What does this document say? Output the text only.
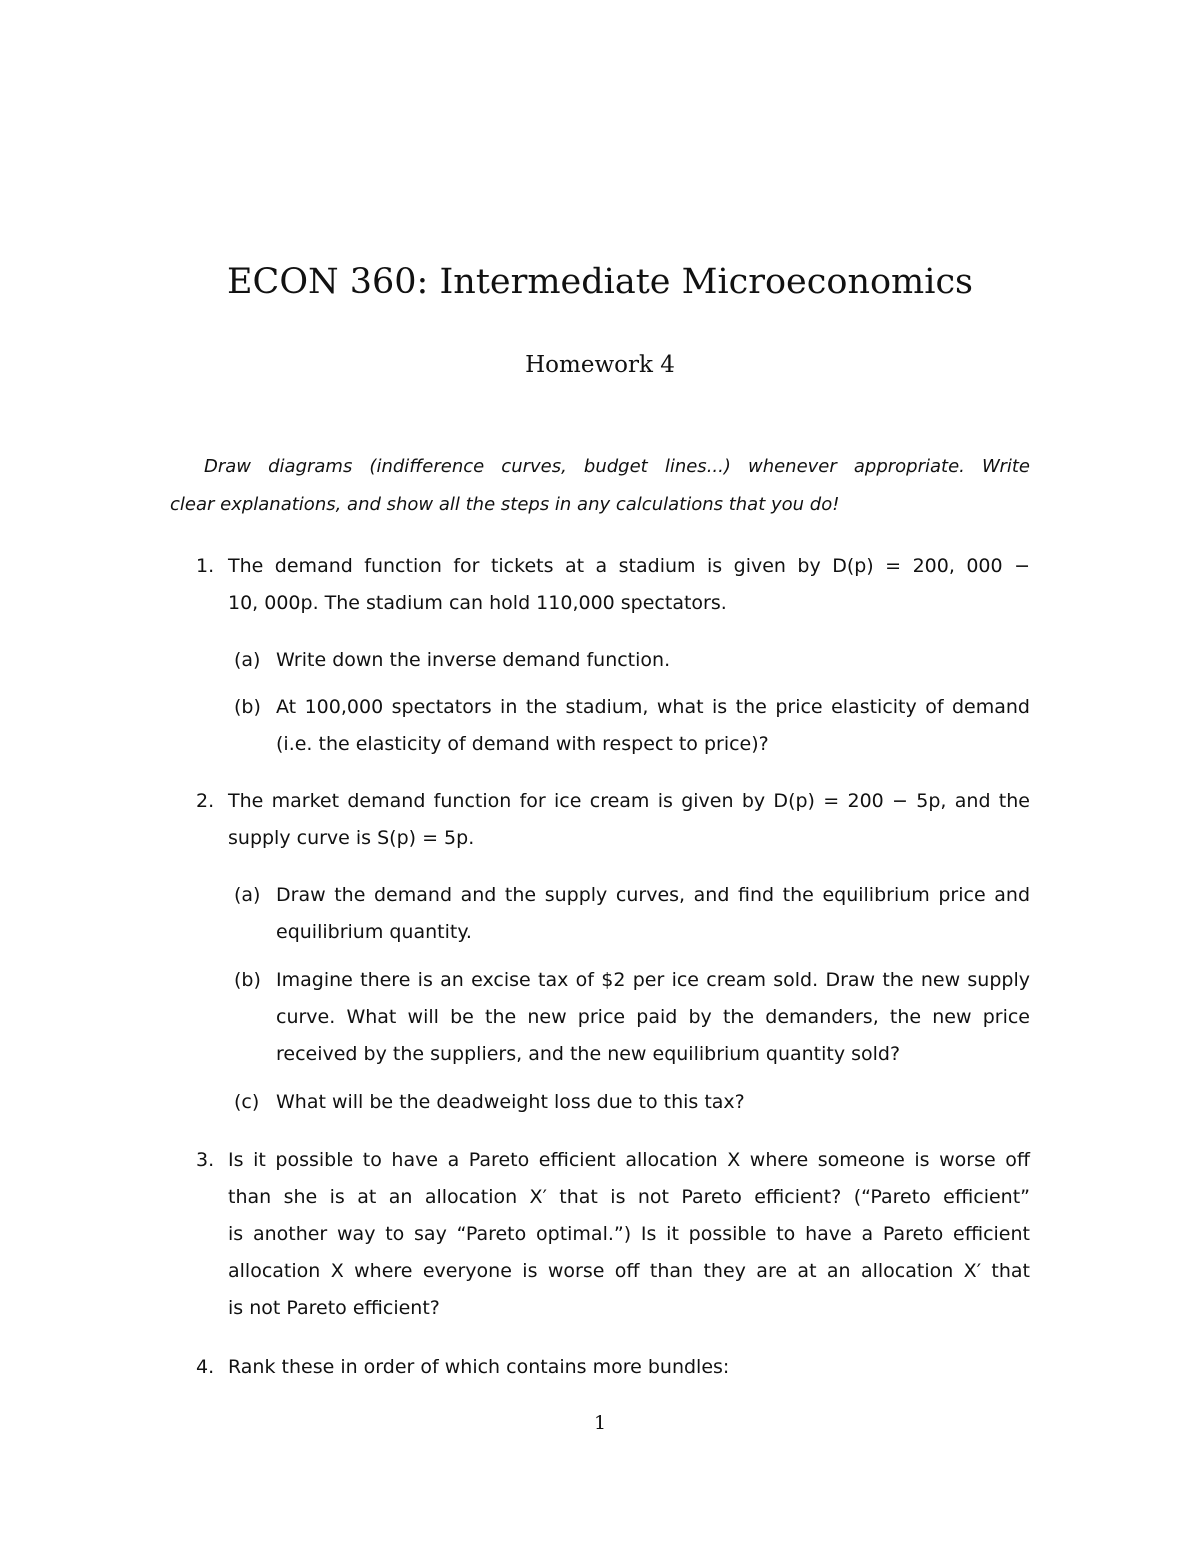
ECON 360: Intermediate Microeconomics
Homework 4
Draw diagrams (indifference curves, budget lines...) whenever appropriate. Write
clear explanations, and show all the steps in any calculations that you do!
1. The demand function for tickets at a stadium is given by D(p) = 200, 000 −
10, 000p. The stadium can hold 110,000 spectators.
(a) Write down the inverse demand function.
(b) At 100,000 spectators in the stadium, what is the price elasticity of demand
(i.e. the elasticity of demand with respect to price)?
2. The market demand function for ice cream is given by D(p) = 200 − 5p, and the
supply curve is S(p) = 5p.
(a) Draw the demand and the supply curves, and find the equilibrium price and
equilibrium quantity.
(b) Imagine there is an excise tax of $2 per ice cream sold. Draw the new supply
curve. What will be the new price paid by the demanders, the new price
received by the suppliers, and the new equilibrium quantity sold?
(c) What will be the deadweight loss due to this tax?
3. Is it possible to have a Pareto efficient allocation X where someone is worse off
than she is at an allocation X′ that is not Pareto efficient? (“Pareto efficient”
is another way to say “Pareto optimal.”) Is it possible to have a Pareto efficient
allocation X where everyone is worse off than they are at an allocation X′ that
is not Pareto efficient?
4. Rank these in order of which contains more bundles:
1
